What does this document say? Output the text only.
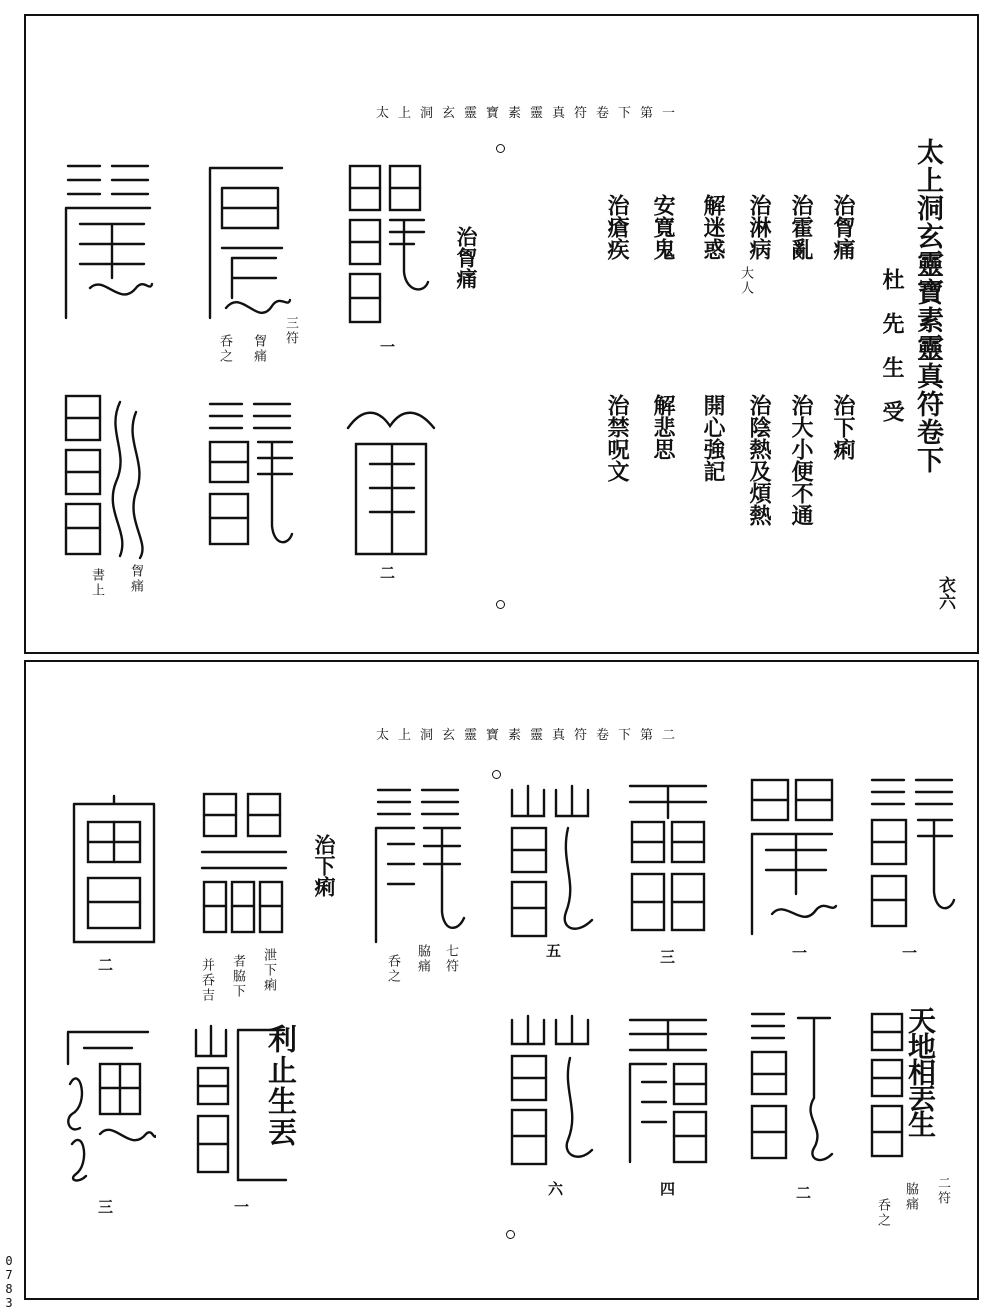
太上洞玄靈寶素靈真符卷下第一
太上洞玄靈寶素靈真符卷下
杜　先　生　受
衣六
治胷痛
治霍亂
治淋病
解迷惑
安寬鬼
治瘡疾
大人
治下痢
治大小便不通
治陰熱及煩熱
開心強記
解悲思
治禁呪文
治胷痛
三符
胷痛
呑之
胷痛
書上
一
二
太上洞玄靈寶素靈真符卷下第二
治下痢
天地相丟生
利止生丟
二符
脇痛
呑之
七符
脇痛
呑之
泄下痢
者脇下
并呑吉
一
二
一
三
四
五
六
二
一
三
0783
